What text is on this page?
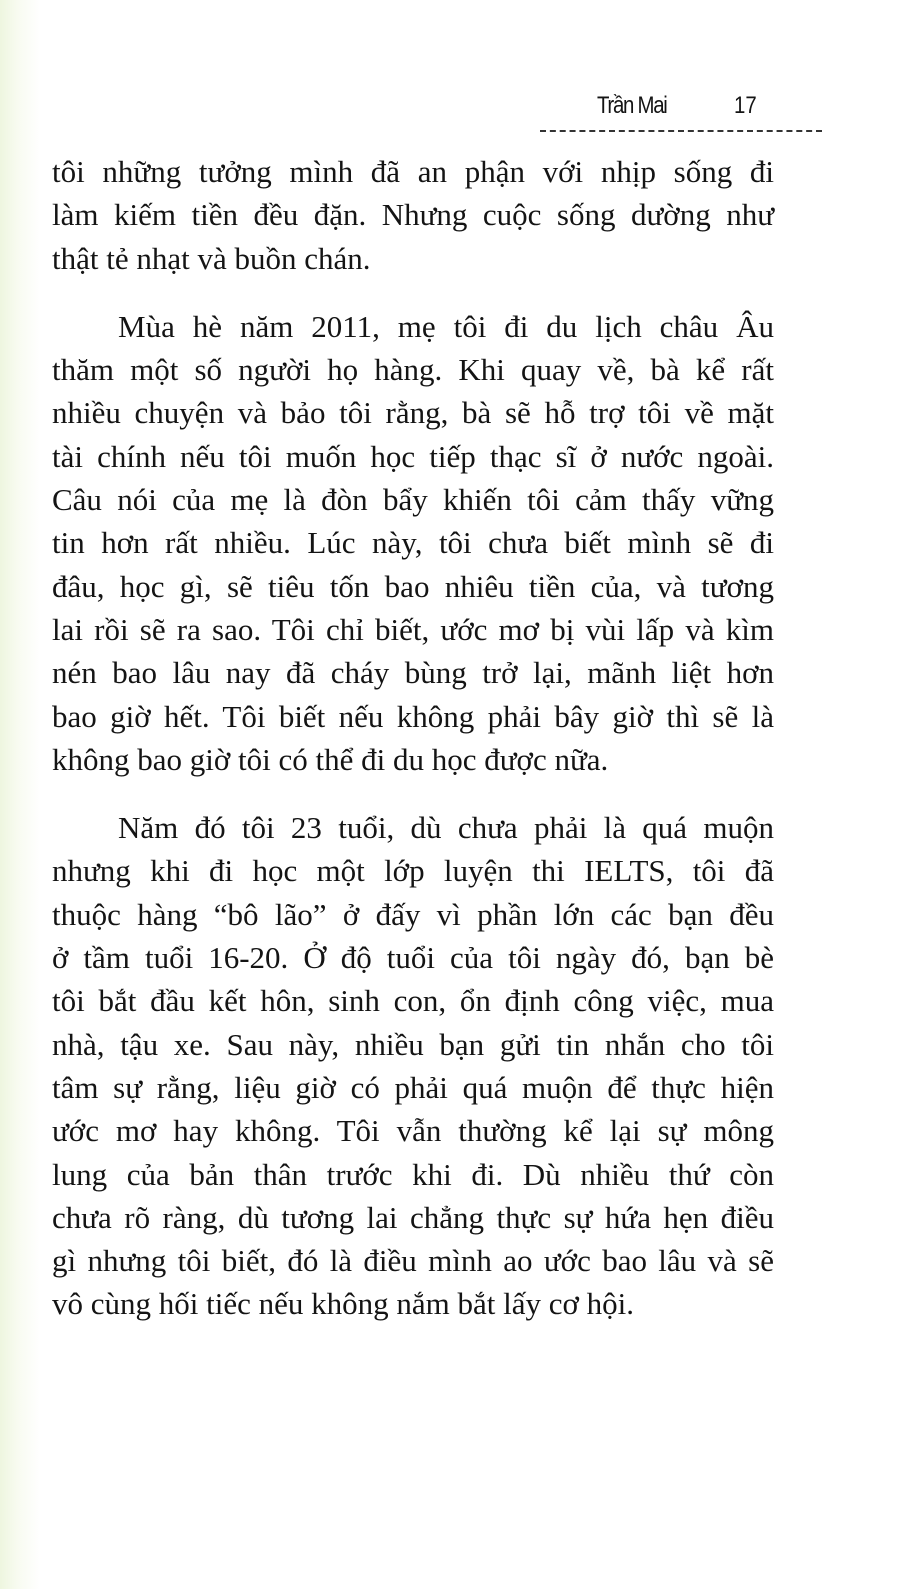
Trần Mai	17
tôi những tưởng mình đã an phận với nhịp sống đi
làm kiếm tiền đều đặn. Nhưng cuộc sống dường như
thật tẻ nhạt và buồn chán.
Mùa hè năm 2011, mẹ tôi đi du lịch châu Âu
thăm một số người họ hàng. Khi quay về, bà kể rất
nhiều chuyện và bảo tôi rằng, bà sẽ hỗ trợ tôi về mặt
tài chính nếu tôi muốn học tiếp thạc sĩ ở nước ngoài.
Câu nói của mẹ là đòn bẩy khiến tôi cảm thấy vững
tin hơn rất nhiều. Lúc này, tôi chưa biết mình sẽ đi
đâu, học gì, sẽ tiêu tốn bao nhiêu tiền của, và tương
lai rồi sẽ ra sao. Tôi chỉ biết, ước mơ bị vùi lấp và kìm
nén bao lâu nay đã cháy bùng trở lại, mãnh liệt hơn
bao giờ hết. Tôi biết nếu không phải bây giờ thì sẽ là
không bao giờ tôi có thể đi du học được nữa.
Năm đó tôi 23 tuổi, dù chưa phải là quá muộn
nhưng khi đi học một lớp luyện thi IELTS, tôi đã
thuộc hàng “bô lão” ở đấy vì phần lớn các bạn đều
ở tầm tuổi 16-20. Ở độ tuổi của tôi ngày đó, bạn bè
tôi bắt đầu kết hôn, sinh con, ổn định công việc, mua
nhà, tậu xe. Sau này, nhiều bạn gửi tin nhắn cho tôi
tâm sự rằng, liệu giờ có phải quá muộn để thực hiện
ước mơ hay không. Tôi vẫn thường kể lại sự mông
lung của bản thân trước khi đi. Dù nhiều thứ còn
chưa rõ ràng, dù tương lai chẳng thực sự hứa hẹn điều
gì nhưng tôi biết, đó là điều mình ao ước bao lâu và sẽ
vô cùng hối tiếc nếu không nắm bắt lấy cơ hội.
